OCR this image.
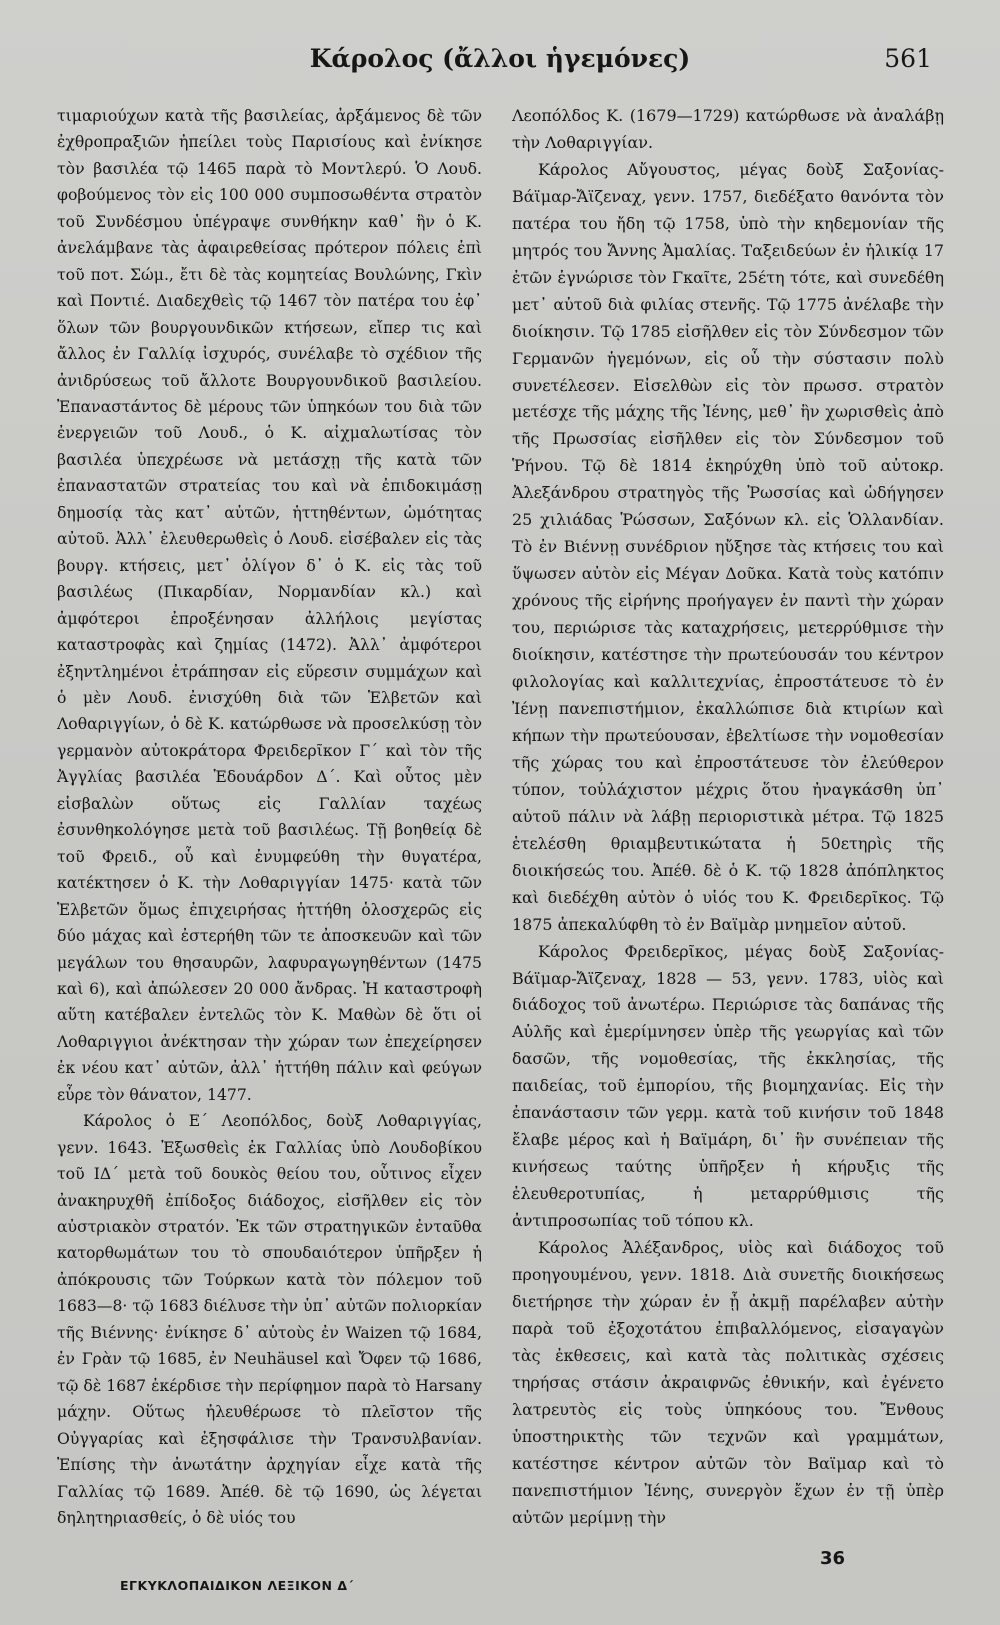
Κάρολος (ἄλλοι ἡγεμόνες)	561

τιμαριούχων κατὰ τῆς βασιλείας, ἀρξάμενος δὲ τῶν ἐχθροπραξιῶν ἠπείλει τοὺς Παρισίους καὶ ἐνίκησε τὸν βασιλέα τῷ 1465 παρὰ τὸ Μοντλερύ. Ὁ Λουδ. φοβούμενος τὸν εἰς 100 000 συμποσωθέντα στρατὸν τοῦ Συνδέσμου ὑπέγραψε συνθήκην καθ᾽ ἣν ὁ Κ. ἀνελάμβανε τὰς ἀφαιρεθείσας πρότερον πόλεις ἐπὶ τοῦ ποτ. Σώμ., ἔτι δὲ τὰς κομητείας Βουλώνης, Γκὶν καὶ Ποντιέ. Διαδεχθεὶς τῷ 1467 τὸν πατέρα του ἐφ᾽ ὅλων τῶν βουργουνδικῶν κτήσεων, εἴπερ τις καὶ ἄλλος ἐν Γαλλίᾳ ἰσχυρός, συνέλαβε τὸ σχέδιον τῆς ἀνιδρύσεως τοῦ ἄλλοτε Βουργουνδικοῦ βασιλείου. Ἐπαναστάντος δὲ μέρους τῶν ὑπηκόων του διὰ τῶν ἐνεργειῶν τοῦ Λουδ., ὁ Κ. αἰχμαλωτίσας τὸν βασιλέα ὑπεχρέωσε νὰ μετάσχῃ τῆς κατὰ τῶν ἐπαναστατῶν στρατείας του καὶ νὰ ἐπιδοκιμάσῃ δημοσίᾳ τὰς κατ᾽ αὐτῶν, ἡττηθέντων, ὠμότητας αὐτοῦ. Ἀλλ᾽ ἐλευθερωθεὶς ὁ Λουδ. εἰσέβαλεν εἰς τὰς βουργ. κτήσεις, μετ᾽ ὀλίγον δ᾽ ὁ Κ. εἰς τὰς τοῦ βασιλέως (Πικαρδίαν, Νορμανδίαν κλ.) καὶ ἀμφότεροι ἐπροξένησαν ἀλλήλοις μεγίστας καταστροφὰς καὶ ζημίας (1472). Ἀλλ᾽ ἀμφότεροι ἐξηντλημένοι ἐτράπησαν εἰς εὕρεσιν συμμάχων καὶ ὁ μὲν Λουδ. ἐνισχύθη διὰ τῶν Ἑλβετῶν καὶ Λοθαριγγίων, ὁ δὲ Κ. κατώρθωσε νὰ προσελκύσῃ τὸν γερμανὸν αὐτοκράτορα Φρειδερῖκον Γ´ καὶ τὸν τῆς Ἀγγλίας βασιλέα Ἐδουάρδον Δ´. Καὶ οὗτος μὲν εἰσβαλὼν οὕτως εἰς Γαλλίαν ταχέως ἐσυνθηκολόγησε μετὰ τοῦ βασιλέως. Τῇ βοηθείᾳ δὲ τοῦ Φρειδ., οὗ καὶ ἐνυμφεύθη τὴν θυγατέρα, κατέκτησεν ὁ Κ. τὴν Λοθαριγγίαν 1475· κατὰ τῶν Ἑλβετῶν ὅμως ἐπιχειρήσας ἡττήθη ὁλοσχερῶς εἰς δύο μάχας καὶ ἐστερήθη τῶν τε ἀποσκευῶν καὶ τῶν μεγάλων του θησαυρῶν, λαφυραγωγηθέντων (1475 καὶ 6), καὶ ἀπώλεσεν 20 000 ἄνδρας. Ἡ καταστροφὴ αὕτη κατέβαλεν ἐντελῶς τὸν Κ. Μαθὼν δὲ ὅτι οἱ Λοθαριγγιοι ἀνέκτησαν τὴν χώραν των ἐπεχείρησεν ἐκ νέου κατ᾽ αὐτῶν, ἀλλ᾽ ἡττήθη πάλιν καὶ φεύγων εὗρε τὸν θάνατον, 1477.

Κάρολος ὁ Ε´ Λεοπόλδος, δοὺξ Λοθαριγγίας, γενν. 1643. Ἐξωσθεὶς ἐκ Γαλλίας ὑπὸ Λουδοβίκου τοῦ ΙΔ´ μετὰ τοῦ δουκὸς θείου του, οὗτινος εἶχεν ἀνακηρυχθῆ ἐπίδοξος διάδοχος, εἰσῆλθεν εἰς τὸν αὐστριακὸν στρατόν. Ἐκ τῶν στρατηγικῶν ἐνταῦθα κατορθωμάτων του τὸ σπουδαιότερον ὑπῆρξεν ἡ ἀπόκρουσις τῶν Τούρκων κατὰ τὸν πόλεμον τοῦ 1683—8· τῷ 1683 διέλυσε τὴν ὑπ᾽ αὐτῶν πολιορκίαν τῆς Βιέννης· ἐνίκησε δ᾽ αὐτοὺς ἐν Waizen τῷ 1684, ἐν Γρὰν τῷ 1685, ἐν Neuhäusel καὶ Ὄφεν τῷ 1686, τῷ δὲ 1687 ἐκέρδισε τὴν περίφημον παρὰ τὸ Harsany μάχην. Οὕτως ἠλευθέρωσε τὸ πλεῖστον τῆς Οὐγγαρίας καὶ ἐξησφάλισε τὴν Τρανσυλβανίαν. Ἐπίσης τὴν ἀνωτάτην ἀρχηγίαν εἶχε κατὰ τῆς Γαλλίας τῷ 1689. Ἀπέθ. δὲ τῷ 1690, ὡς λέγεται δηλητηριασθείς, ὁ δὲ υἱός του

Λεοπόλδος Κ. (1679—1729) κατώρθωσε νὰ ἀναλάβῃ τὴν Λοθαριγγίαν.

Κάρολος Αὔγουστος, μέγας δοὺξ Σαξονίας-Βάϊμαρ-Ἄϊζεναχ, γενν. 1757, διεδέξατο θανόντα τὸν πατέρα του ἤδη τῷ 1758, ὑπὸ τὴν κηδεμονίαν τῆς μητρός του Ἄννης Ἀμαλίας. Ταξειδεύων ἐν ἡλικίᾳ 17 ἐτῶν ἐγνώρισε τὸν Γκαῖτε, 25έτη τότε, καὶ συνεδέθη μετ᾽ αὐτοῦ διὰ φιλίας στενῆς. Τῷ 1775 ἀνέλαβε τὴν διοίκησιν. Τῷ 1785 εἰσῆλθεν εἰς τὸν Σύνδεσμον τῶν Γερμανῶν ἡγεμόνων, εἰς οὗ τὴν σύστασιν πολὺ συνετέλεσεν. Εἰσελθὼν εἰς τὸν πρωσσ. στρατὸν μετέσχε τῆς μάχης τῆς Ἰένης, μεθ᾽ ἣν χωρισθεὶς ἀπὸ τῆς Πρωσσίας εἰσῆλθεν εἰς τὸν Σύνδεσμον τοῦ Ῥήνου. Τῷ δὲ 1814 ἐκηρύχθη ὑπὸ τοῦ αὐτοκρ. Ἀλεξάνδρου στρατηγὸς τῆς Ῥωσσίας καὶ ὡδήγησεν 25 χιλιάδας Ῥώσσων, Σαξόνων κλ. εἰς Ὁλλανδίαν. Τὸ ἐν Βιέννῃ συνέδριον ηὔξησε τὰς κτήσεις του καὶ ὕψωσεν αὐτὸν εἰς Μέγαν Δοῦκα. Κατὰ τοὺς κατόπιν χρόνους τῆς εἰρήνης προήγαγεν ἐν παντὶ τὴν χώραν του, περιώρισε τὰς καταχρήσεις, μετερρύθμισε τὴν διοίκησιν, κατέστησε τὴν πρωτεύουσάν του κέντρον φιλολογίας καὶ καλλιτεχνίας, ἐπροστάτευσε τὸ ἐν Ἰένῃ πανεπιστήμιον, ἐκαλλώπισε διὰ κτιρίων καὶ κήπων τὴν πρωτεύουσαν, ἐβελτίωσε τὴν νομοθεσίαν τῆς χώρας του καὶ ἐπροστάτευσε τὸν ἐλεύθερον τύπον, τοὐλάχιστον μέχρις ὅτου ἠναγκάσθη ὑπ᾽ αὐτοῦ πάλιν νὰ λάβῃ περιοριστικὰ μέτρα. Τῷ 1825 ἑτελέσθη θριαμβευτικώτατα ἡ 50ετηρὶς τῆς διοικήσεώς του. Ἀπέθ. δὲ ὁ Κ. τῷ 1828 ἀπόπληκτος καὶ διεδέχθη αὐτὸν ὁ υἱός του Κ. Φρειδερῖκος. Τῷ 1875 ἀπεκαλύφθη τὸ ἐν Βαϊμὰρ μνημεῖον αὐτοῦ.

Κάρολος Φρειδερῖκος, μέγας δοὺξ Σαξονίας-Βάϊμαρ-Ἄϊζεναχ, 1828 — 53, γενν. 1783, υἱὸς καὶ διάδοχος τοῦ ἀνωτέρω. Περιώρισε τὰς δαπάνας τῆς Αὐλῆς καὶ ἐμερίμνησεν ὑπὲρ τῆς γεωργίας καὶ τῶν δασῶν, τῆς νομοθεσίας, τῆς ἐκκλησίας, τῆς παιδείας, τοῦ ἐμπορίου, τῆς βιομηχανίας. Εἰς τὴν ἐπανάστασιν τῶν γερμ. κατὰ τοῦ κινήσιν τοῦ 1848 ἔλαβε μέρος καὶ ἡ Βαϊμάρη, δι᾽ ἣν συνέπειαν τῆς κινήσεως ταύτης ὑπῆρξεν ἡ κήρυξις τῆς ἐλευθεροτυπίας, ἡ μεταρρύθμισις τῆς ἀντιπροσωπίας τοῦ τόπου κλ.

Κάρολος Ἀλέξανδρος, υἱὸς καὶ διάδοχος τοῦ προηγουμένου, γενν. 1818. Διὰ συνετῆς διοικήσεως διετήρησε τὴν χώραν ἐν ᾗ ἀκμῇ παρέλαβεν αὐτὴν παρὰ τοῦ ἐξοχοτάτου ἐπιβαλλόμενος, εἰσαγαγὼν τὰς ἐκθεσεις, καὶ κατὰ τὰς πολιτικὰς σχέσεις τηρήσας στάσιν ἀκραιφνῶς ἐθνικήν, καὶ ἐγένετο λατρευτὸς εἰς τοὺς ὑπηκόους του. Ἔνθους ὑποστηρικτὴς τῶν τεχνῶν καὶ γραμμάτων, κατέστησε κέντρον αὐτῶν τὸν Βαϊμαρ καὶ τὸ πανεπιστήμιον Ἰένης, συνεργὸν ἔχων ἐν τῇ ὑπὲρ αὐτῶν μερίμνῃ τὴν

36
ΕΓΚΥΚΛΟΠΑΙΔΙΚΟΝ ΛΕΞΙΚΟΝ Δ´
